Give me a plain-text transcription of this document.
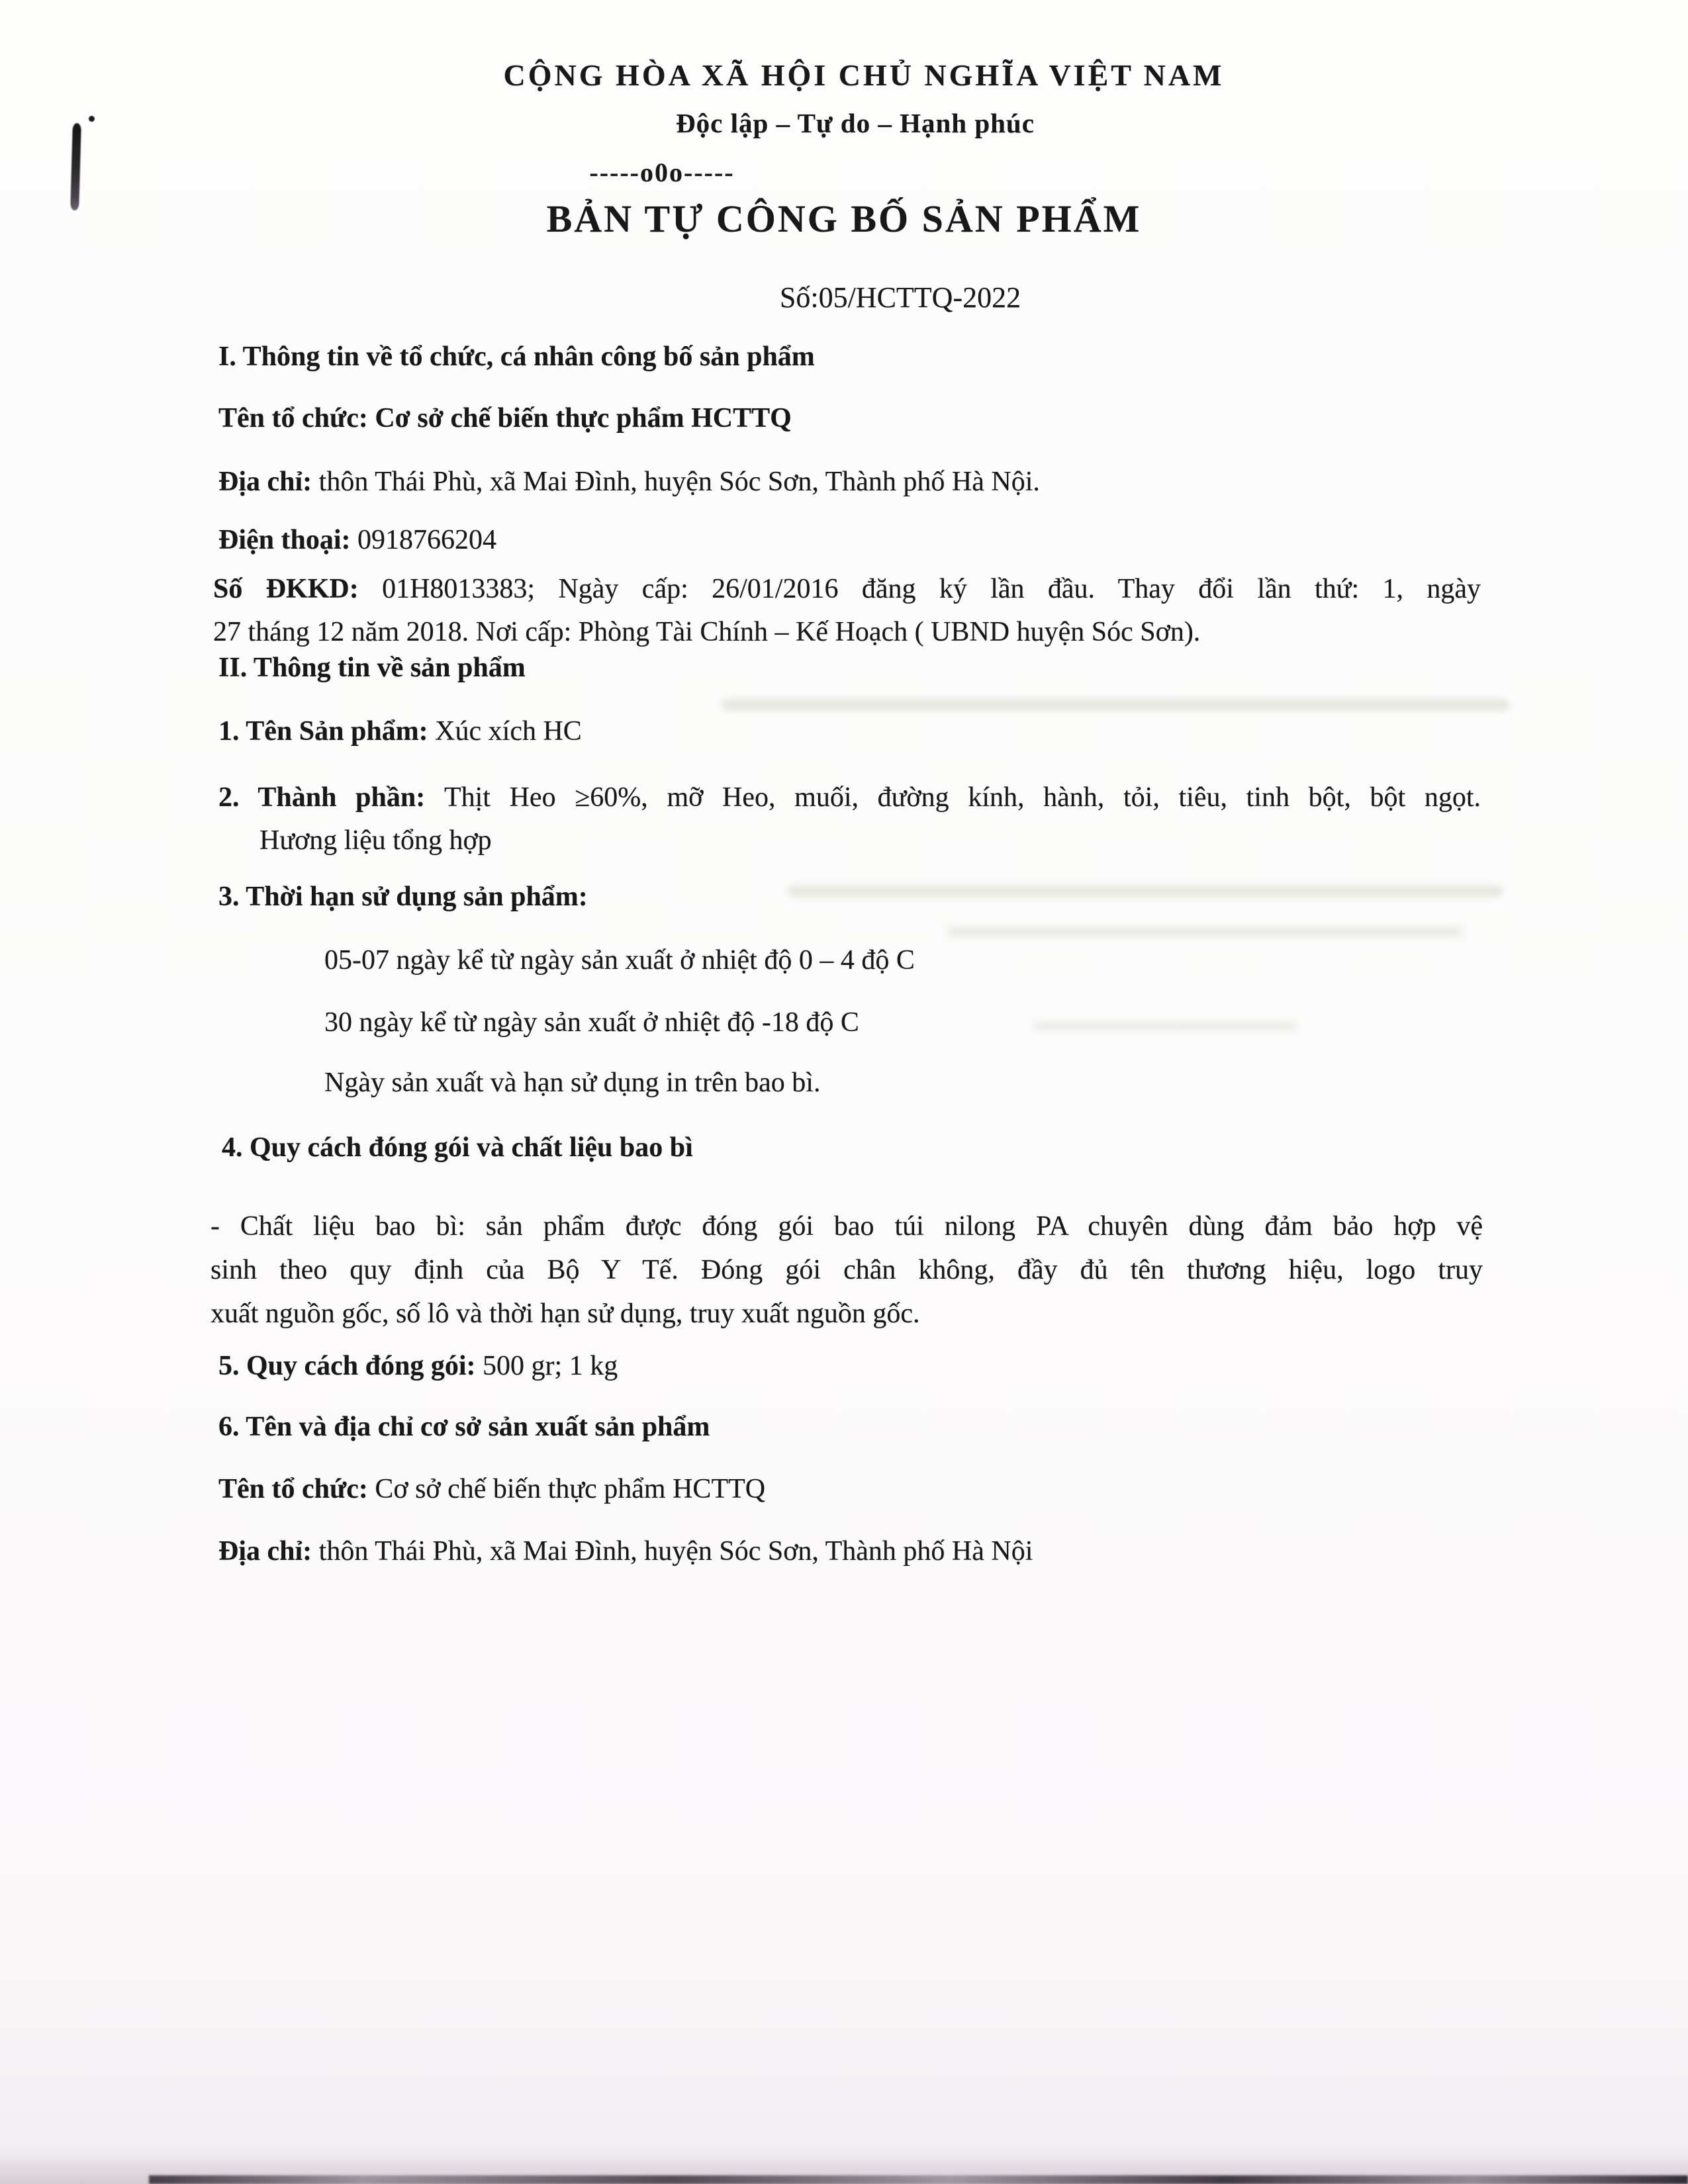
CỘNG HÒA XÃ HỘI CHỦ NGHĨA VIỆT NAM
Độc lập – Tự do – Hạnh phúc
-----o0o-----
BẢN TỰ CÔNG BỐ SẢN PHẨM
Số:05/HCTTQ-2022
I. Thông tin về tổ chức, cá nhân công bố sản phẩm
Tên tổ chức: Cơ sở chế biến thực phẩm HCTTQ
Địa chỉ: thôn Thái Phù, xã Mai Đình, huyện Sóc Sơn, Thành phố Hà Nội.
Điện thoại: 0918766204
Số ĐKKD: 01H8013383; Ngày cấp: 26/01/2016 đăng ký lần đầu. Thay đổi lần thứ: 1, ngày
27 tháng 12 năm 2018. Nơi cấp: Phòng Tài Chính – Kế Hoạch ( UBND huyện Sóc Sơn).
II. Thông tin về sản phẩm
1. Tên Sản phẩm: Xúc xích HC
2. Thành phần: Thịt Heo ≥60%, mỡ Heo, muối, đường kính, hành, tỏi, tiêu, tinh bột, bột ngọt.
Hương liệu tổng hợp
3. Thời hạn sử dụng sản phẩm:
05-07 ngày kể từ ngày sản xuất ở nhiệt độ 0 – 4 độ C
30 ngày kể từ ngày sản xuất ở nhiệt độ -18 độ C
Ngày sản xuất và hạn sử dụng in trên bao bì.
4. Quy cách đóng gói và chất liệu bao bì
- Chất liệu bao bì: sản phẩm được đóng gói bao túi nilong PA chuyên dùng đảm bảo hợp vệ
sinh theo quy định của Bộ Y Tế. Đóng gói chân không, đầy đủ tên thương hiệu, logo truy
xuất nguồn gốc, số lô và thời hạn sử dụng, truy xuất nguồn gốc.
5. Quy cách đóng gói: 500 gr; 1 kg
6. Tên và địa chỉ cơ sở sản xuất sản phẩm
Tên tổ chức: Cơ sở chế biến thực phẩm HCTTQ
Địa chỉ: thôn Thái Phù, xã Mai Đình, huyện Sóc Sơn, Thành phố Hà Nội
